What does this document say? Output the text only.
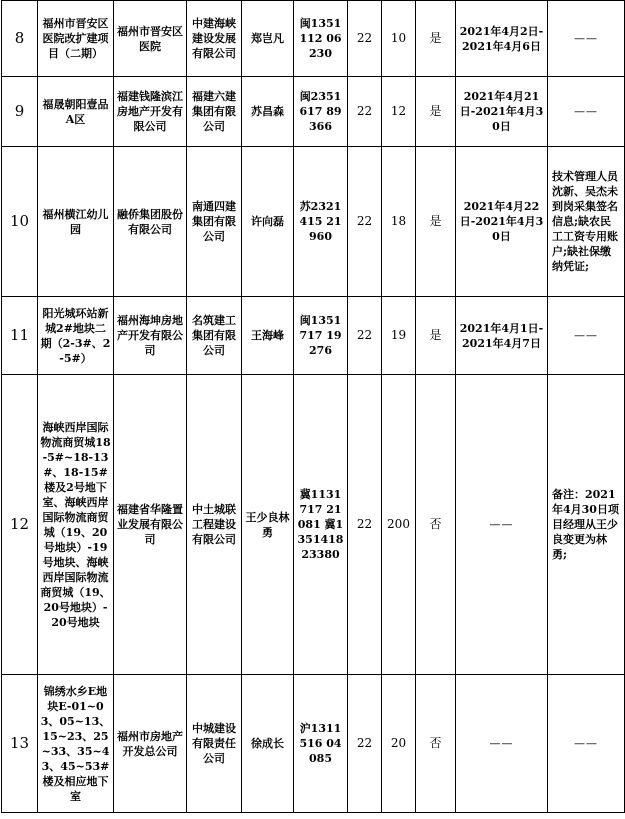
8	福州市晋安区医院改扩建项目（二期）	福州市晋安区医院	中建海峡建设发展有限公司	郑岂凡	闽1351112 06230	22	10	是	2021年4月2日-2021年4月6日	——
9	福晟朝阳壹品A区	福建钱隆滨江房地产开发有限公司	福建六建集团有限公司	苏昌森	闽2351617 89366	22	12	是	2021年4月21日-2021年4月30日	——
10	福州横江幼儿园	融侨集团股份有限公司	南通四建集团有限公司	许向磊	苏2321415 21960	22	18	是	2021年4月22日-2021年4月30日	技术管理人员沈新、吴杰未到岗采集签名信息;缺农民工工资专用账户;缺社保缴纳凭证;
11	阳光城环站新城2#地块二期（2-3#、2-5#）	福州海坤房地产开发有限公司	名筑建工集团有限公司	王海峰	闽1351717 19276	22	19	是	2021年4月1日-2021年4月7日	——
12	海峡西岸国际物流商贸城18-5#~18-13#、18-15#楼及2号地下室、海峡西岸国际物流商贸城（19、20号地块）-19号地块、海峡西岸国际物流商贸城（19、20号地块）-20号地块	福建省华隆置业发展有限公司	中土城联工程建设有限公司	王少良林勇	冀1131717 21081 冀1351418 23380	22	200	否	——	备注：2021年4月30日项目经理从王少良变更为林勇;
13	锦绣水乡E地块E-01~03、05~13、15~23、25~33、35~43、45~53#楼及相应地下室	福州市房地产开发总公司	中城建设有限责任公司	徐成长	沪1311516 04085	22	20	否	——	——
